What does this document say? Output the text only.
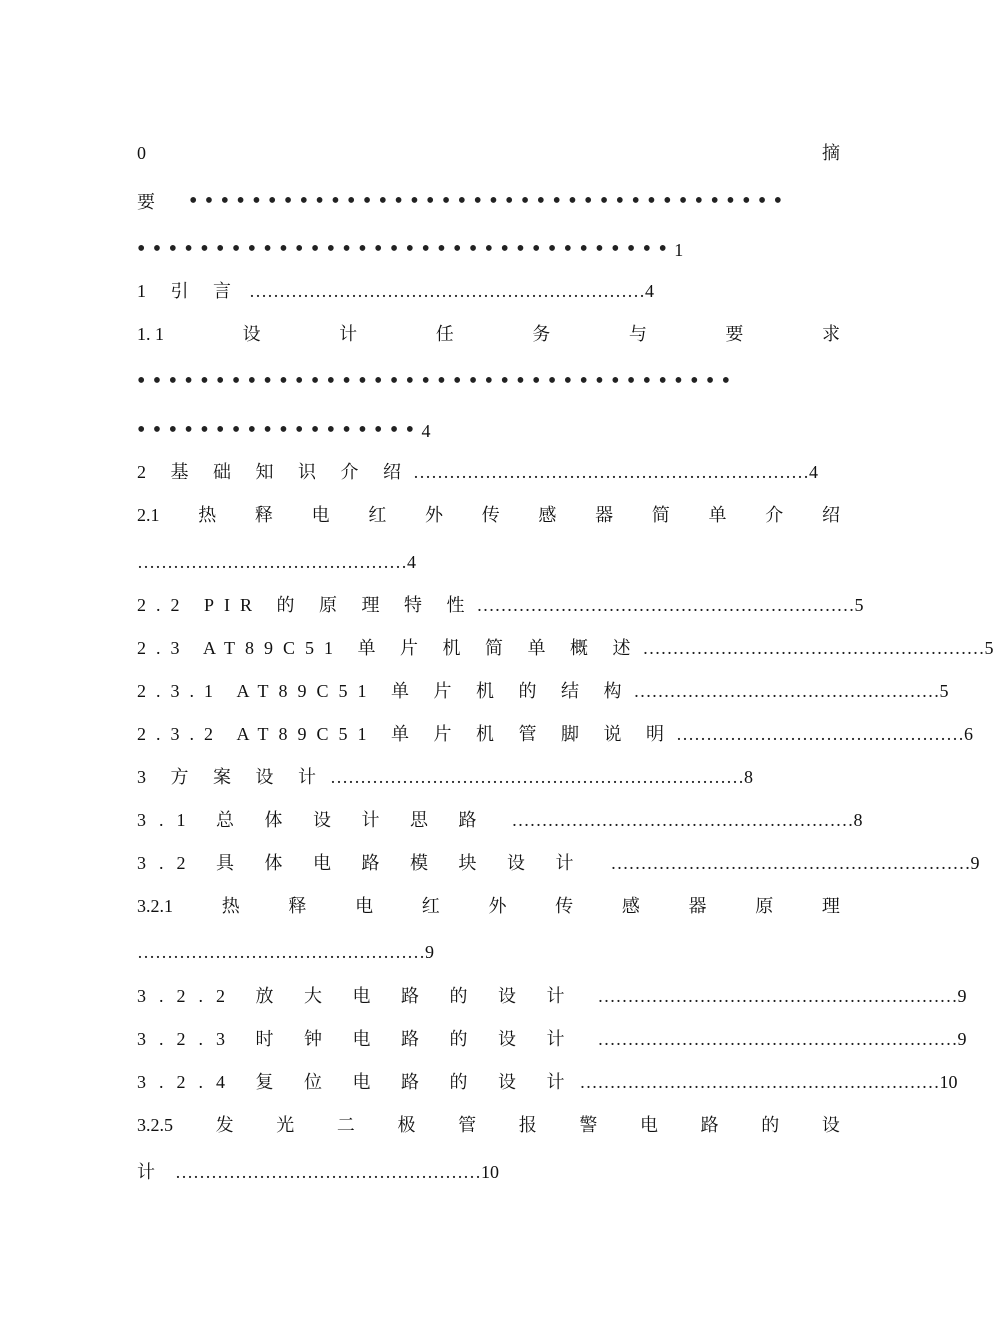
0	摘
要 ••••••••••••••••••••••••••••••••••••••
••••••••••••••••••••••••••••••••••1
1 引 言 …………………………………………………………4
1. 1	设	计	任	务	与	要	求
••••••••••••••••••••••••••••••••••••••
••••••••••••••••••4
2 基 础 知 识 介 绍 …………………………………………………………4
2.1 热 释 电 红 外 传 感 器 简 单 介 绍
………………………………………4
2.2 PIR 的 原 理 特 性 ………………………………………………………5
2.3 AT89C51 单 片 机 简 单 概 述 …………………………………………………5
2.3.1 AT89C51 单 片 机 的 结 构 ……………………………………………5
2.3.2 AT89C51 单 片 机 管 脚 说 明 …………………………………………6
3 方 案 设 计 ……………………………………………………………8
3.1 总 体 设 计 思 路 …………………………………………………8
3.2 具 体 电 路 模 块 设 计 ……………………………………………………9
3.2.1	热	释	电	红	外	传	感	器	原	理
…………………………………………9
3.2.2 放 大 电 路 的 设 计 ……………………………………………………9
3.2.3 时 钟 电 路 的 设 计 ……………………………………………………9
3.2.4 复 位 电 路 的 设 计 ……………………………………………………10
3.2.5 发 光 二 极 管 报 警 电 路 的 设
计 ……………………………………………10
